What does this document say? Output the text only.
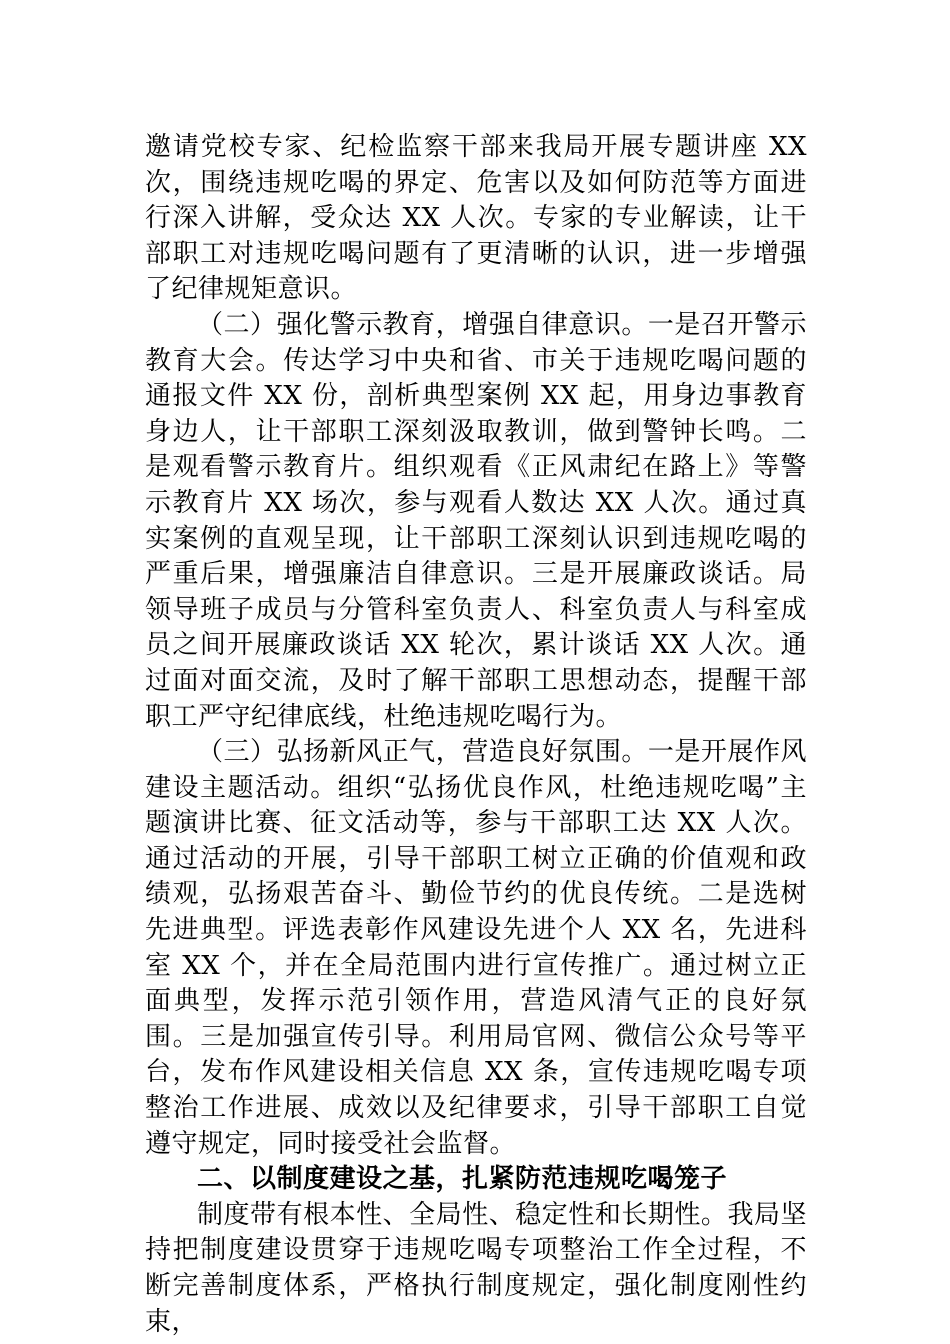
邀请党校专家、纪检监察干部来我局开展专题讲座 XX 次，围绕违规吃喝的界定、危害以及如何防范等方面进行深入讲解，受众达 XX 人次。专家的专业解读，让干部职工对违规吃喝问题有了更清晰的认识，进一步增强了纪律规矩意识。

（二）强化警示教育，增强自律意识。一是召开警示教育大会。传达学习中央和省、市关于违规吃喝问题的通报文件 XX 份，剖析典型案例 XX 起，用身边事教育身边人，让干部职工深刻汲取教训，做到警钟长鸣。二是观看警示教育片。组织观看《正风肃纪在路上》等警示教育片 XX 场次，参与观看人数达 XX 人次。通过真实案例的直观呈现，让干部职工深刻认识到违规吃喝的严重后果，增强廉洁自律意识。三是开展廉政谈话。局领导班子成员与分管科室负责人、科室负责人与科室成员之间开展廉政谈话 XX 轮次，累计谈话 XX 人次。通过面对面交流，及时了解干部职工思想动态，提醒干部职工严守纪律底线，杜绝违规吃喝行为。

（三）弘扬新风正气，营造良好氛围。一是开展作风建设主题活动。组织“弘扬优良作风，杜绝违规吃喝”主题演讲比赛、征文活动等，参与干部职工达 XX 人次。通过活动的开展，引导干部职工树立正确的价值观和政绩观，弘扬艰苦奋斗、勤俭节约的优良传统。二是选树先进典型。评选表彰作风建设先进个人 XX 名，先进科室 XX 个，并在全局范围内进行宣传推广。通过树立正面典型，发挥示范引领作用，营造风清气正的良好氛围。三是加强宣传引导。利用局官网、微信公众号等平台，发布作风建设相关信息 XX 条，宣传违规吃喝专项整治工作进展、成效以及纪律要求，引导干部职工自觉遵守规定，同时接受社会监督。

二、以制度建设之基，扎紧防范违规吃喝笼子

制度带有根本性、全局性、稳定性和长期性。我局坚持把制度建设贯穿于违规吃喝专项整治工作全过程，不断完善制度体系，严格执行制度规定，强化制度刚性约束，
